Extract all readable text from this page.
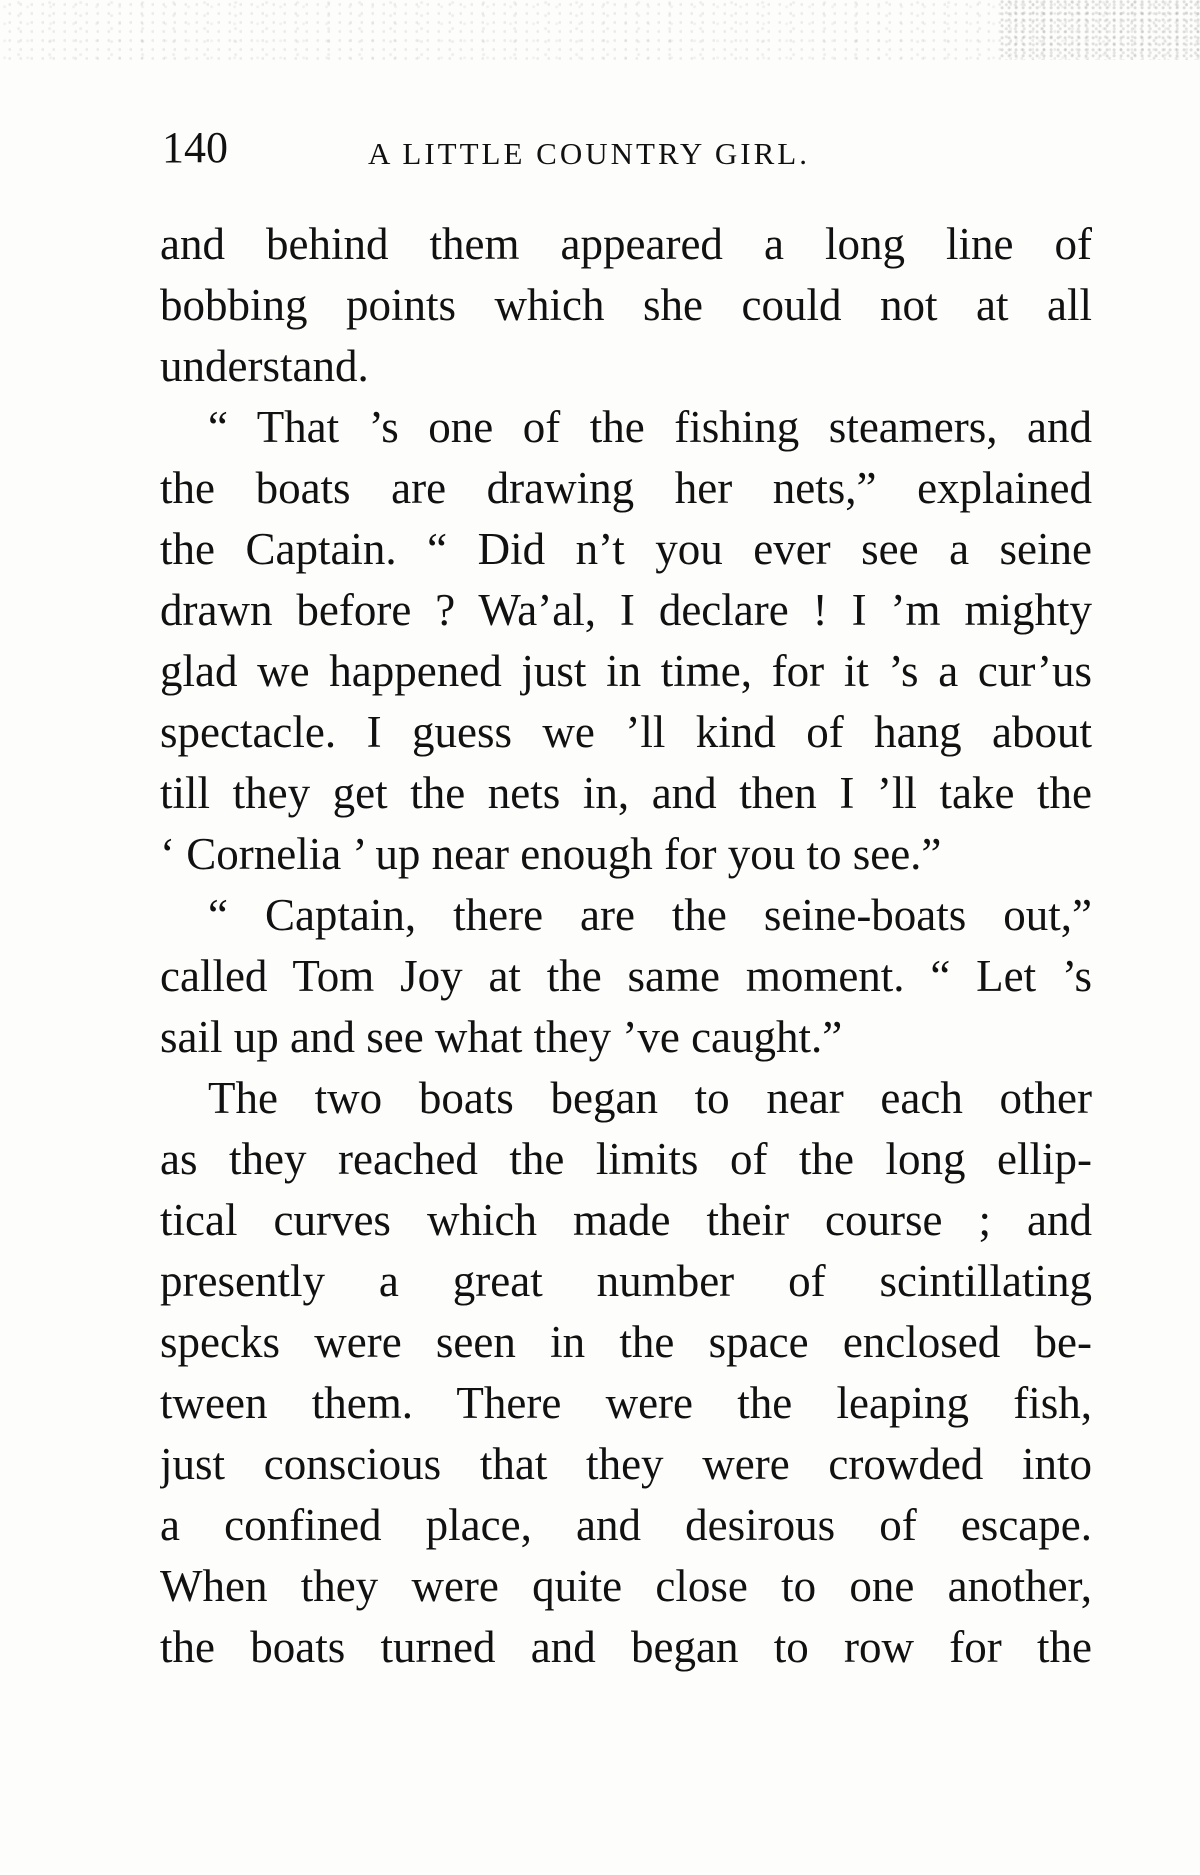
140	A LITTLE COUNTRY GIRL.
and behind them appeared a long line of
bobbing points which she could not at all
understand.
“ That ’s one of the fishing steamers, and
the boats are drawing her nets,” explained
the Captain. “ Did n’t you ever see a seine
drawn before ? Wa’al, I declare ! I ’m mighty
glad we happened just in time, for it ’s a cur’us
spectacle. I guess we ’ll kind of hang about
till they get the nets in, and then I ’ll take the
‘ Cornelia ’ up near enough for you to see.”
“ Captain, there are the seine-boats out,”
called Tom Joy at the same moment. “ Let ’s
sail up and see what they ’ve caught.”
The two boats began to near each other
as they reached the limits of the long ellip-
tical curves which made their course ; and
presently a great number of scintillating
specks were seen in the space enclosed be-
tween them. There were the leaping fish,
just conscious that they were crowded into
a confined place, and desirous of escape.
When they were quite close to one another,
the boats turned and began to row for the
